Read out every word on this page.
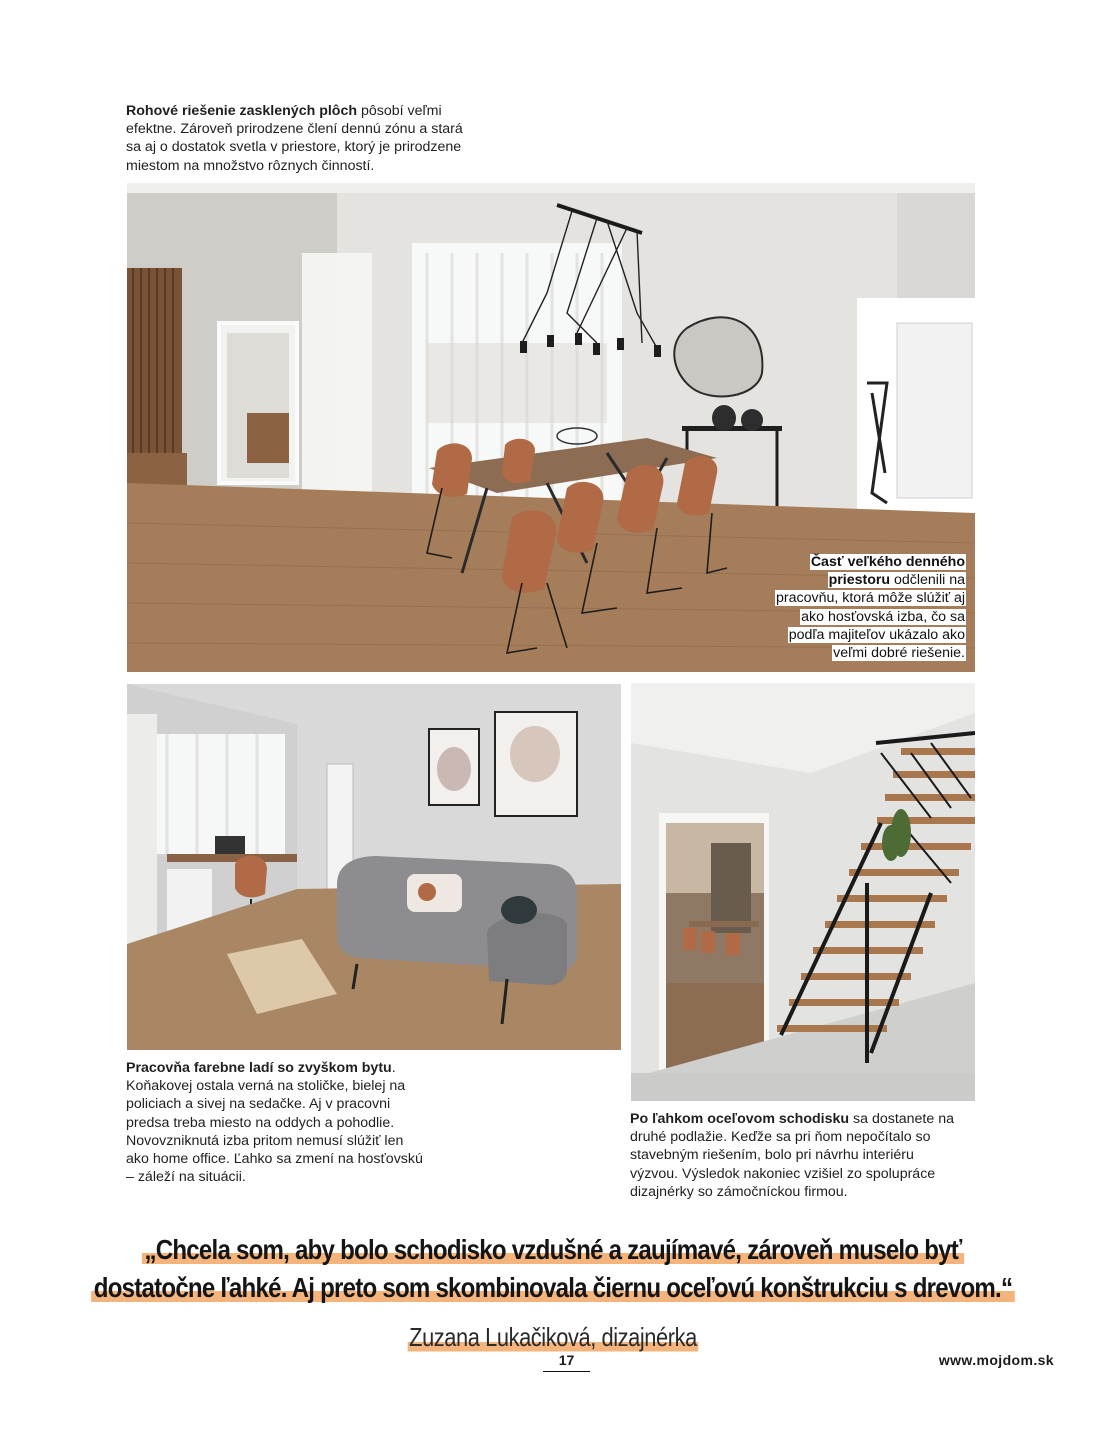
Rohové riešenie zasklených plôch pôsobí veľmi efektne. Zároveň prirodzene člení dennú zónu a stará sa aj o dostatok svetla v priestore, ktorý je prirodzene miestom na množstvo rôznych činností.
Časť veľkého denného priestoru odčlenili na pracovňu, ktorá môže slúžiť aj ako hosťovská izba, čo sa podľa majiteľov ukázalo ako veľmi dobré riešenie.
Pracovňa farebne ladí so zvyškom bytu. Koňakovej ostala verná na stoličke, bielej na policiach a sivej na sedačke. Aj v pracovni predsa treba miesto na oddych a pohodlie. Novovzniknutá izba pritom nemusí slúžiť len ako home office. Ľahko sa zmení na hosťovskú – záleží na situácii.
Po ľahkom oceľovom schodisku sa dostanete na druhé podlažie. Keďže sa pri ňom nepočítalo so stavebným riešením, bolo pri návrhu interiéru výzvou. Výsledok nakoniec vzišiel zo spolupráce dizajnérky so zámočníckou firmou.
„Chcela som, aby bolo schodisko vzdušné a zaujímavé, zároveň muselo byť
dostatočne ľahké. Aj preto som skombinovala čiernu oceľovú konštrukciu s drevom.“
Zuzana Lukačiková, dizajnérka
17	www.mojdom.sk
